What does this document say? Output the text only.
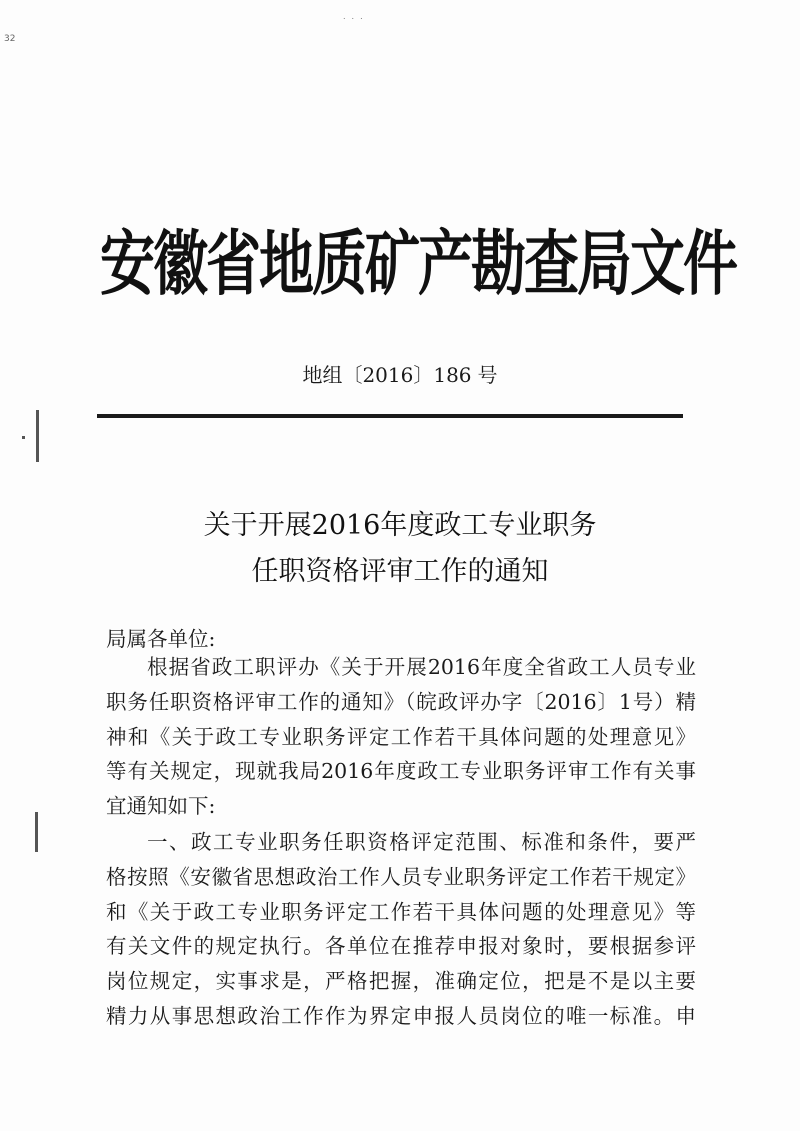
32
...
安徽省地质矿产勘查局文件
地组〔2016〕186 号
关于开展2016年度政工专业职务
任职资格评审工作的通知
局属各单位:
根据省政工职评办《关于开展2016年度全省政工人员专业
职务任职资格评审工作的通知》（皖政评办字〔2016〕1号）精
神和《关于政工专业职务评定工作若干具体问题的处理意见》
等有关规定，现就我局2016年度政工专业职务评审工作有关事
宜通知如下:
一、政工专业职务任职资格评定范围、标准和条件，要严
格按照《安徽省思想政治工作人员专业职务评定工作若干规定》
和《关于政工专业职务评定工作若干具体问题的处理意见》等
有关文件的规定执行。各单位在推荐申报对象时，要根据参评
岗位规定，实事求是，严格把握，准确定位，把是不是以主要
精力从事思想政治工作作为界定申报人员岗位的唯一标准。申
